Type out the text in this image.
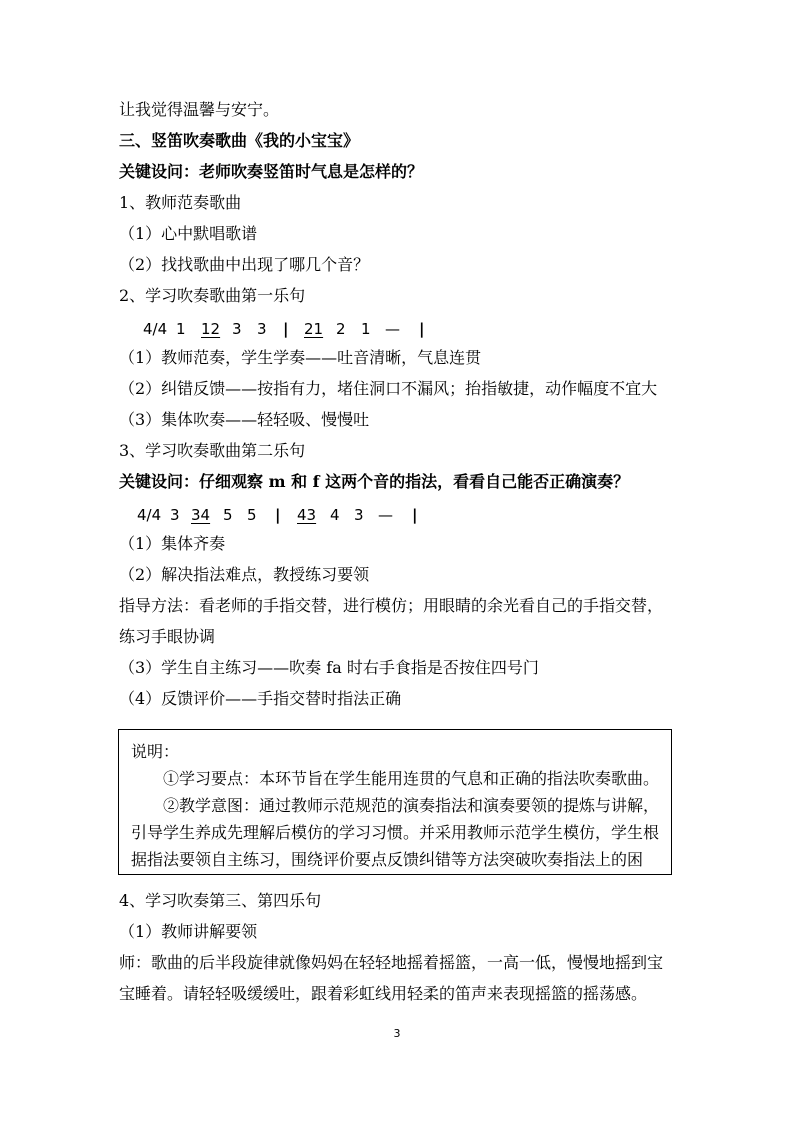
让我觉得温馨与安宁。
三、竖笛吹奏歌曲《我的小宝宝》
关键设问：老师吹奏竖笛时气息是怎样的？
1、教师范奏歌曲
（1）心中默唱歌谱
（2）找找歌曲中出现了哪几个音？
2、学习吹奏歌曲第一乐句
4/4 1 12 3 3 | 21 2 1 — |
（1）教师范奏，学生学奏——吐音清晰，气息连贯
（2）纠错反馈——按指有力，堵住洞口不漏风；抬指敏捷，动作幅度不宜大
（3）集体吹奏——轻轻吸、慢慢吐
3、学习吹奏歌曲第二乐句
关键设问：仔细观察 m 和 f 这两个音的指法，看看自己能否正确演奏？
4/4 3 34 5 5 | 43 4 3 — |
（1）集体齐奏
（2）解决指法难点，教授练习要领
指导方法：看老师的手指交替，进行模仿；用眼睛的余光看自己的手指交替，
练习手眼协调
（3）学生自主练习——吹奏 fa 时右手食指是否按住四号门
（4）反馈评价——手指交替时指法正确
说明：
①学习要点：本环节旨在学生能用连贯的气息和正确的指法吹奏歌曲。
②教学意图：通过教师示范规范的演奏指法和演奏要领的提炼与讲解，
引导学生养成先理解后模仿的学习习惯。并采用教师示范学生模仿，学生根
据指法要领自主练习，围绕评价要点反馈纠错等方法突破吹奏指法上的困
4、学习吹奏第三、第四乐句
（1）教师讲解要领
师：歌曲的后半段旋律就像妈妈在轻轻地摇着摇篮，一高一低，慢慢地摇到宝
宝睡着。请轻轻吸缓缓吐，跟着彩虹线用轻柔的笛声来表现摇篮的摇荡感。
3
